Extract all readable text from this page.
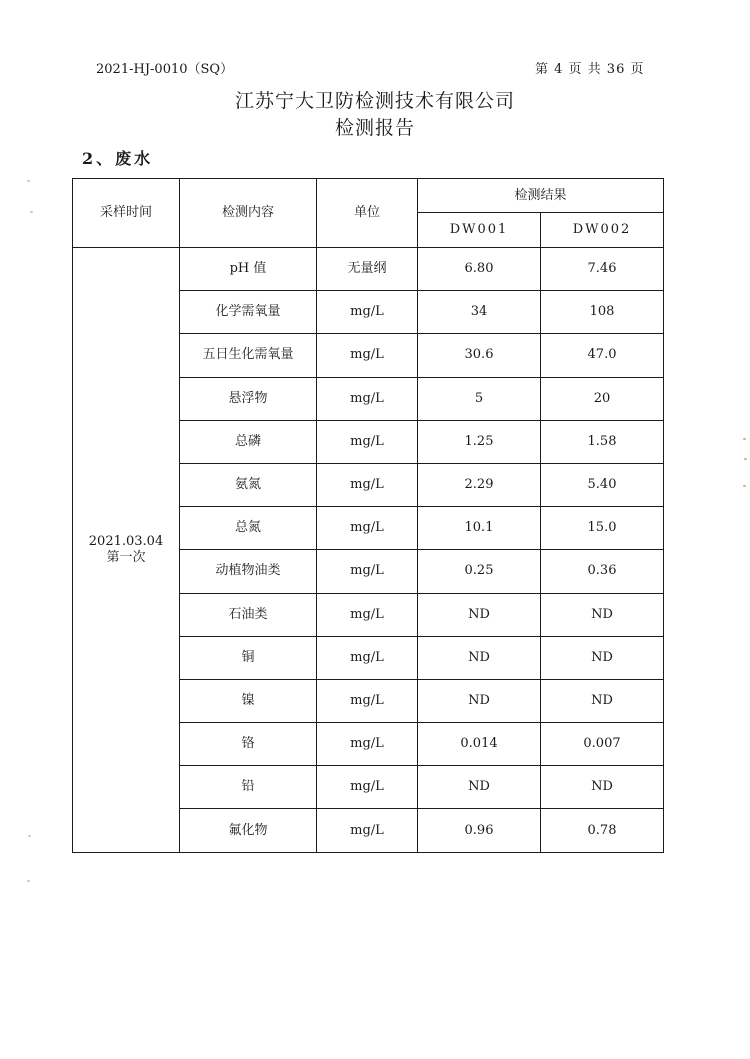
2021-HJ-0010（SQ）	第 4 页 共 36 页
江苏宁大卫防检测技术有限公司
检测报告
2、废水
采样时间	检测内容	单位	检测结果	
			DW001	DW002

2021.03.04
第一次	pH 值	无量纲	6.80	7.46
	化学需氧量	mg/L	34	108
	五日生化需氧量	mg/L	30.6	47.0
	悬浮物	mg/L	5	20
	总磷	mg/L	1.25	1.58
	氨氮	mg/L	2.29	5.40
	总氮	mg/L	10.1	15.0
	动植物油类	mg/L	0.25	0.36
	石油类	mg/L	ND	ND
	铜	mg/L	ND	ND
	镍	mg/L	ND	ND
	铬	mg/L	0.014	0.007
	铅	mg/L	ND	ND
	氟化物	mg/L	0.96	0.78
